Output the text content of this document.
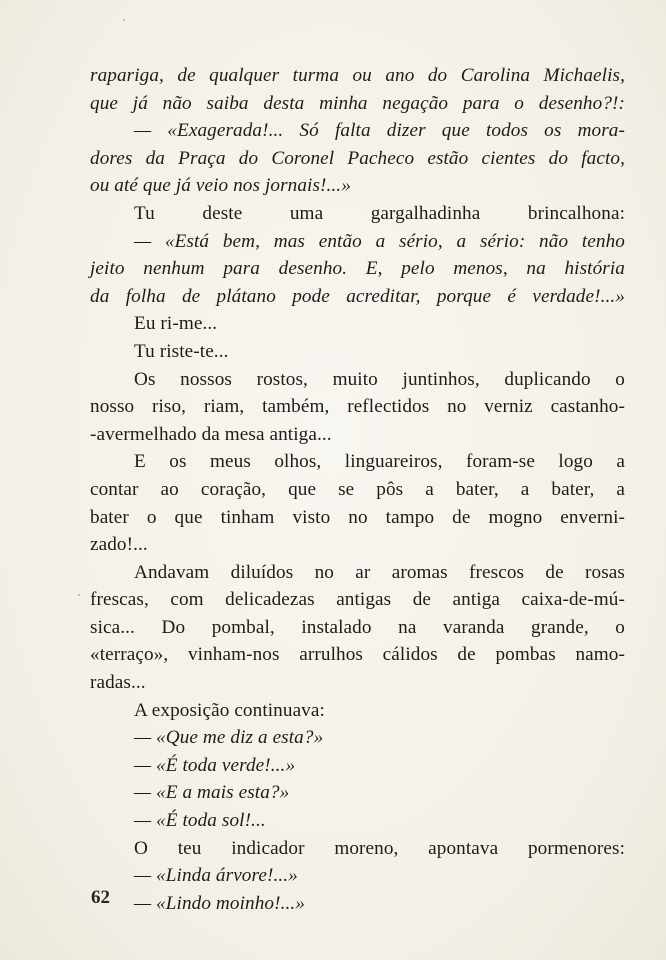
rapariga, de qualquer turma ou ano do Carolina Michaelis,
que já não saiba desta minha negação para o desenho?!:
— «Exagerada!... Só falta dizer que todos os mora-
dores da Praça do Coronel Pacheco estão cientes do facto,
ou até que já veio nos jornais!...»
Tu deste uma gargalhadinha brincalhona:
— «Está bem, mas então a sério, a sério: não tenho
jeito nenhum para desenho. E, pelo menos, na história
da folha de plátano pode acreditar, porque é verdade!...»
Eu ri-me...
Tu riste-te...
Os nossos rostos, muito juntinhos, duplicando o
nosso riso, riam, também, reflectidos no verniz castanho-
-avermelhado da mesa antiga...
E os meus olhos, linguareiros, foram-se logo a
contar ao coração, que se pôs a bater, a bater, a
bater o que tinham visto no tampo de mogno enverni-
zado!...
Andavam diluídos no ar aromas frescos de rosas
frescas, com delicadezas antigas de antiga caixa-de-mú-
sica... Do pombal, instalado na varanda grande, o
«terraço», vinham-nos arrulhos cálidos de pombas namo-
radas...
A exposição continuava:
— «Que me diz a esta?»
— «É toda verde!...»
— «E a mais esta?»
— «É toda sol!...
O teu indicador moreno, apontava pormenores:
— «Linda árvore!...»
— «Lindo moinho!...»
62
